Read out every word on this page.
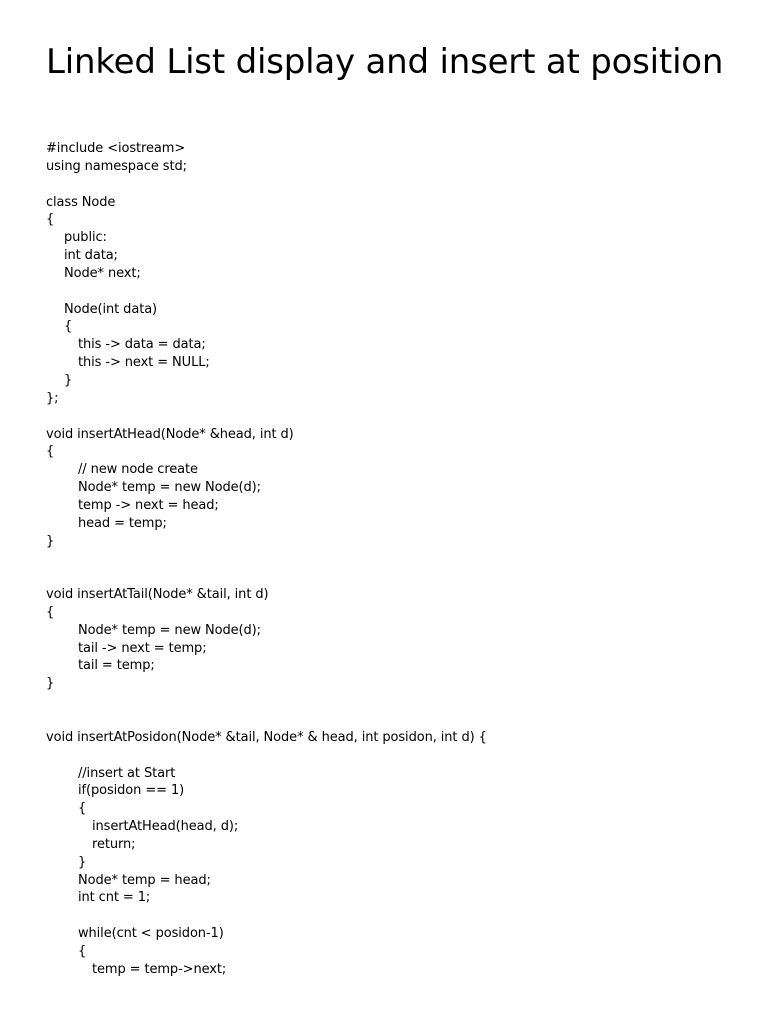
Linked List display and insert at position
#include <iostream>
using namespace std;
class Node
{
public:
int data;
Node* next;
Node(int data)
{
this -> data = data;
this -> next = NULL;
}
};
void insertAtHead(Node* &head, int d)
{
// new node create
Node* temp = new Node(d);
temp -> next = head;
head = temp;
}
void insertAtTail(Node* &tail, int d)
{
Node* temp = new Node(d);
tail -> next = temp;
tail = temp;
}
void insertAtPosidon(Node* &tail, Node* & head, int posidon, int d) {
//insert at Start
if(posidon == 1)
{
insertAtHead(head, d);
return;
}
Node* temp = head;
int cnt = 1;
while(cnt < posidon-1)
{
temp = temp->next;
